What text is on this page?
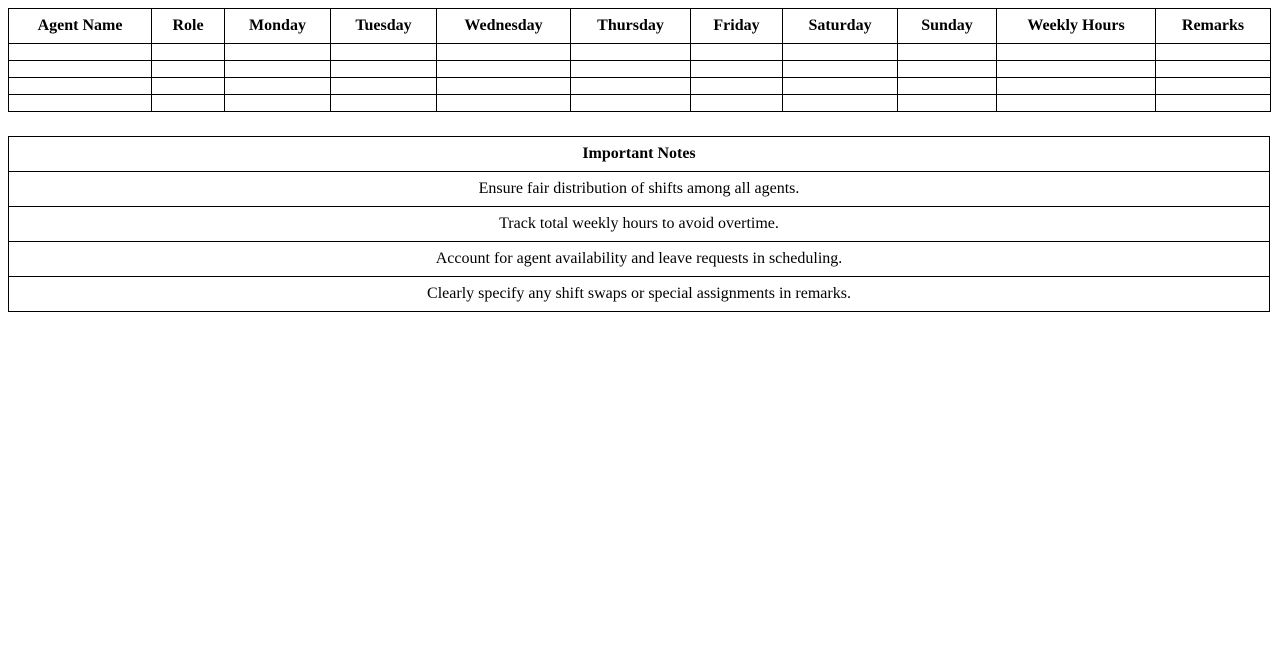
Agent Name	Role	Monday	Tuesday	Wednesday	Thursday	Friday	Saturday	Sunday	Weekly Hours	Remarks

Important Notes
Ensure fair distribution of shifts among all agents.
Track total weekly hours to avoid overtime.
Account for agent availability and leave requests in scheduling.
Clearly specify any shift swaps or special assignments in remarks.
